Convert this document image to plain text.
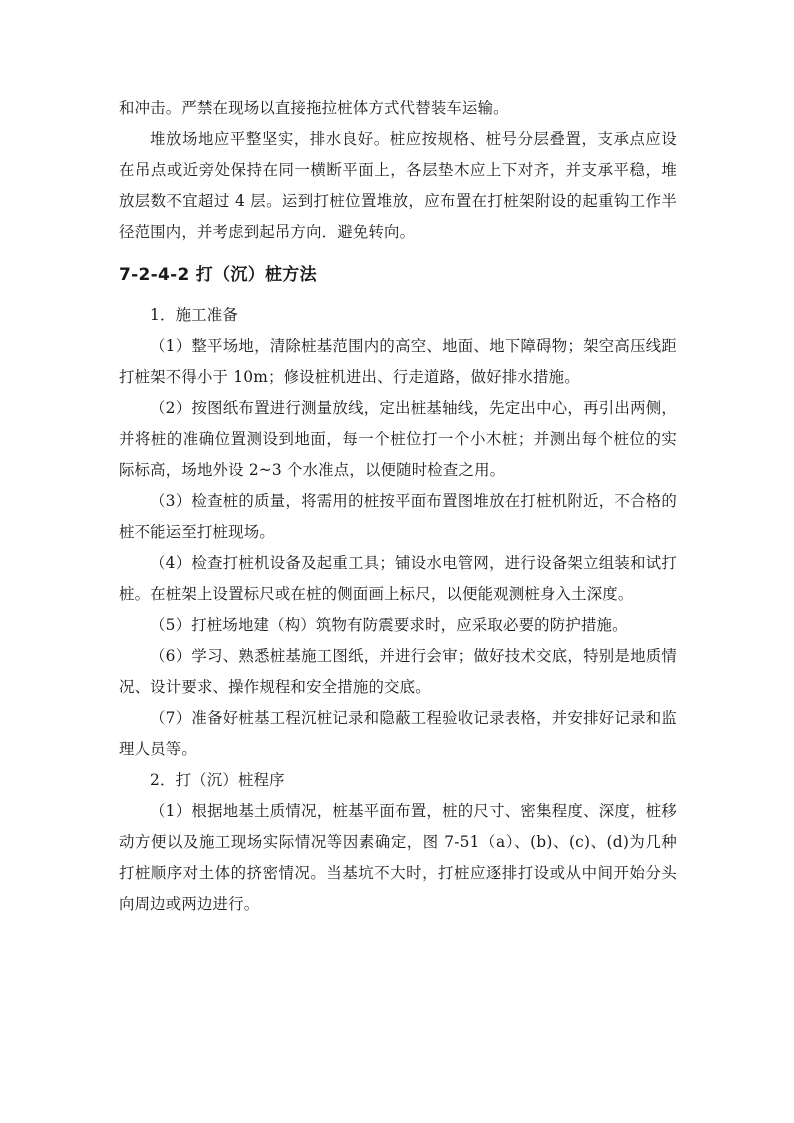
和冲击。严禁在现场以直接拖拉桩体方式代替装车运输。

堆放场地应平整坚实，排水良好。桩应按规格、桩号分层叠置，支承点应设在吊点或近旁处保持在同一横断平面上，各层垫木应上下对齐，并支承平稳，堆放层数不宜超过 4 层。运到打桩位置堆放，应布置在打桩架附设的起重钩工作半径范围内，并考虑到起吊方向．避免转向。

7-2-4-2 打（沉）桩方法

1．施工准备

（1）整平场地，清除桩基范围内的高空、地面、地下障碍物；架空高压线距打桩架不得小于 10m；修设桩机进出、行走道路，做好排水措施。

（2）按图纸布置进行测量放线，定出桩基轴线，先定出中心，再引出两侧，并将桩的准确位置测设到地面，每一个桩位打一个小木桩；并测出每个桩位的实际标高，场地外设 2~3 个水准点，以便随时检查之用。

（3）检查桩的质量，将需用的桩按平面布置图堆放在打桩机附近，不合格的桩不能运至打桩现场。

（4）检查打桩机设备及起重工具；铺设水电管网，进行设备架立组装和试打桩。在桩架上设置标尺或在桩的侧面画上标尺，以便能观测桩身入土深度。

（5）打桩场地建（构）筑物有防震要求时，应采取必要的防护措施。

（6）学习、熟悉桩基施工图纸，并进行会审；做好技术交底，特别是地质情况、设计要求、操作规程和安全措施的交底。

（7）准备好桩基工程沉桩记录和隐蔽工程验收记录表格，并安排好记录和监理人员等。

2．打（沉）桩程序

（1）根据地基土质情况，桩基平面布置，桩的尺寸、密集程度、深度，桩移动方便以及施工现场实际情况等因素确定，图 7-51（a）、(b)、(c)、(d)为几种打桩顺序对土体的挤密情况。当基坑不大时，打桩应逐排打设或从中间开始分头向周边或两边进行。
